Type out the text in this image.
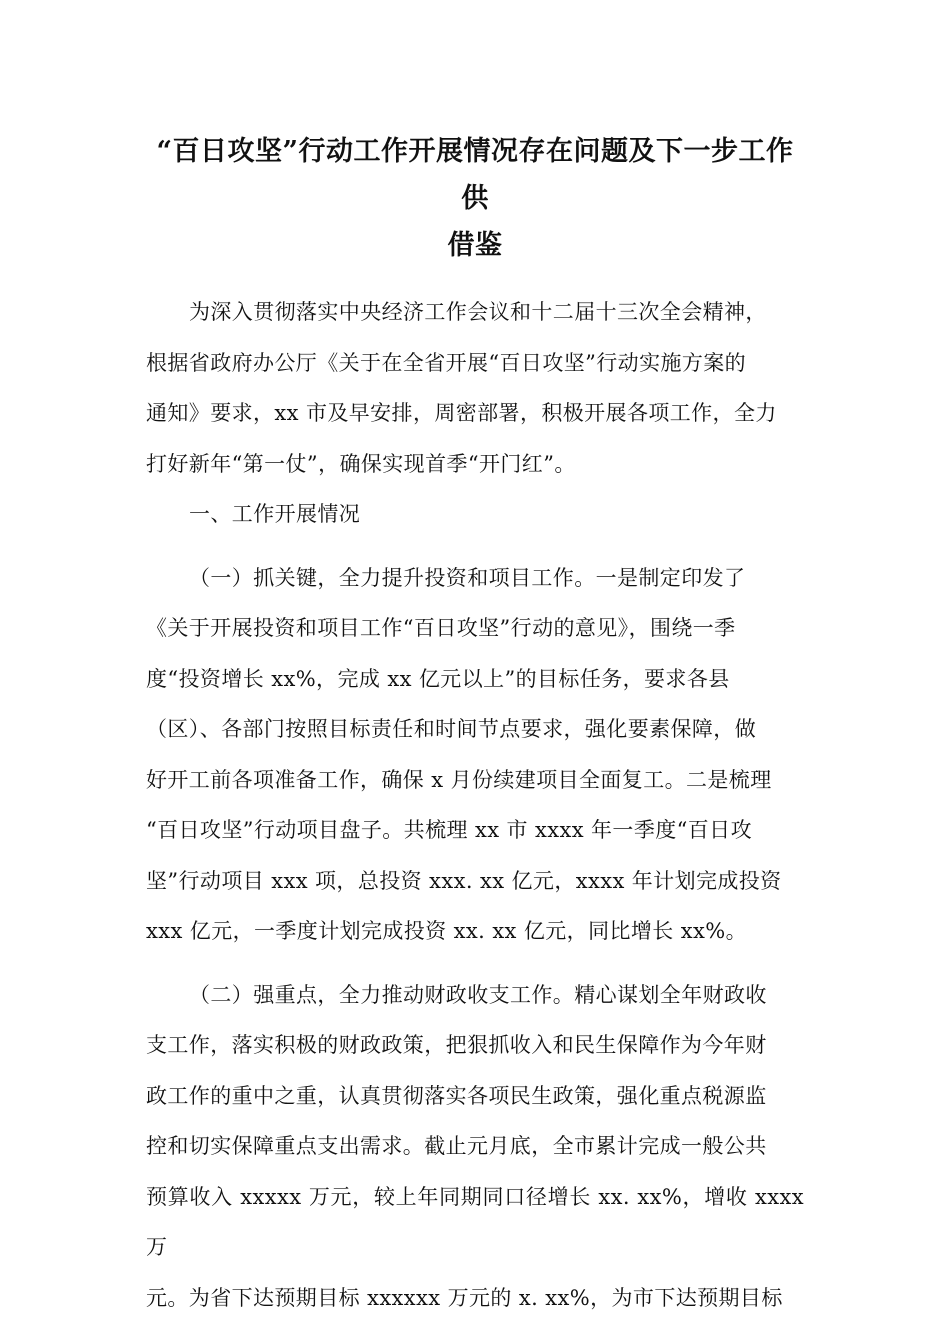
“百日攻坚”行动工作开展情况存在问题及下一步工作供
借鉴

为深入贯彻落实中央经济工作会议和十二届十三次全会精神，
根据省政府办公厅《关于在全省开展“百日攻坚”行动实施方案的
通知》要求，xx 市及早安排，周密部署，积极开展各项工作，全力
打好新年“第一仗”，确保实现首季“开门红”。

一、工作开展情况

（一）抓关键，全力提升投资和项目工作。一是制定印发了
《关于开展投资和项目工作“百日攻坚”行动的意见》，围绕一季
度“投资增长 xx%，完成 xx 亿元以上”的目标任务，要求各县
（区）、各部门按照目标责任和时间节点要求，强化要素保障，做
好开工前各项准备工作，确保 x 月份续建项目全面复工。二是梳理
“百日攻坚”行动项目盘子。共梳理 xx 市 xxxx 年一季度“百日攻
坚”行动项目 xxx 项，总投资 xxx. xx 亿元，xxxx 年计划完成投资
xxx 亿元，一季度计划完成投资 xx. xx 亿元，同比增长 xx%。

（二）强重点，全力推动财政收支工作。精心谋划全年财政收
支工作，落实积极的财政政策，把狠抓收入和民生保障作为今年财
政工作的重中之重，认真贯彻落实各项民生政策，强化重点税源监
控和切实保障重点支出需求。截止元月底，全市累计完成一般公共
预算收入 xxxxx 万元，较上年同期同口径增长 xx. xx%，增收 xxxx 万
元。为省下达预期目标 xxxxxx 万元的 x. xx%，为市下达预期目标
